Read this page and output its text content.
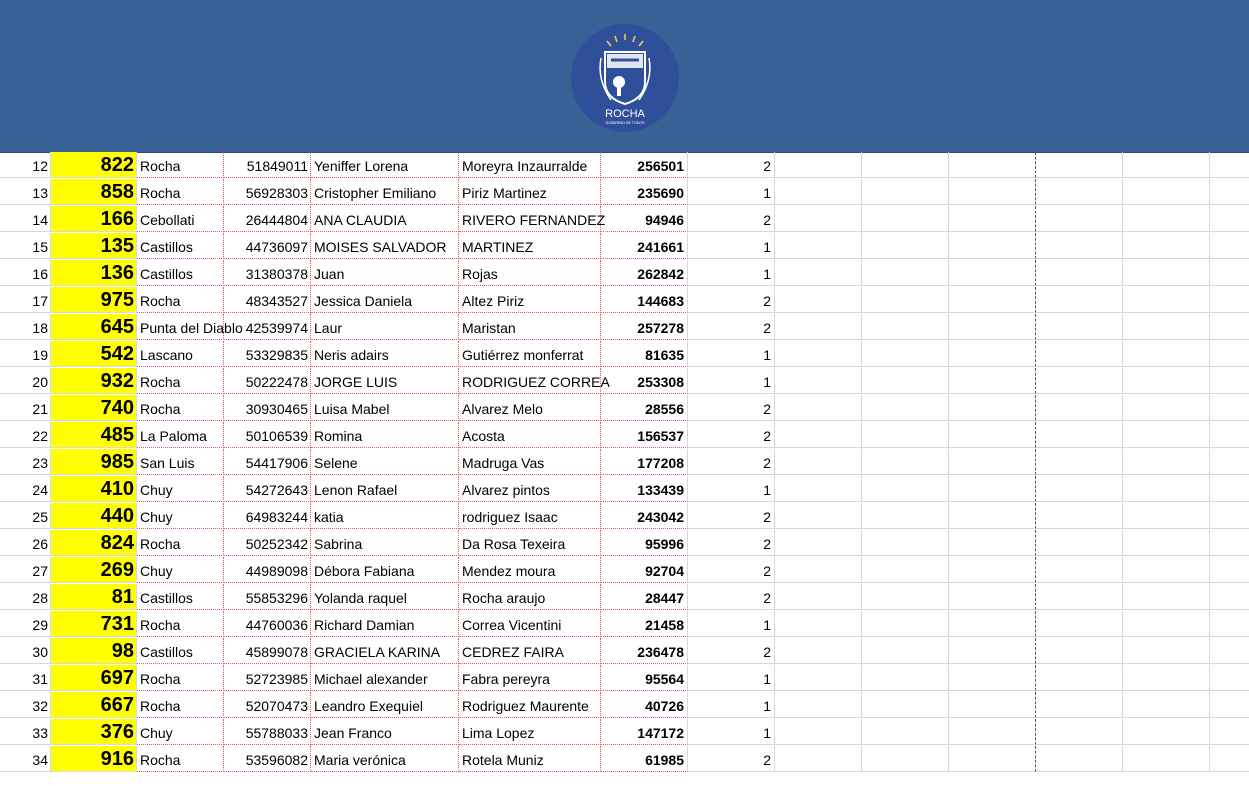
ROCHA
GOBIERNO DE TODOS
12	822 Rocha	51849011 Yeniffer Lorena	Moreyra Inzaurralde	256501	2
13	858 Rocha	56928303 Cristopher Emiliano	Piriz Martinez	235690	1
14	166 Cebollati	26444804 ANA CLAUDIA	RIVERO FERNANDEZ	94946	2
15	135 Castillos	44736097 MOISES SALVADOR	MARTINEZ	241661	1
16	136 Castillos	31380378 Juan	Rojas	262842	1
17	975 Rocha	48343527 Jessica Daniela	Altez Piriz	144683	2
18	645 Punta del Diablo 42539974 Laur	Maristan	257278	2
19	542 Lascano	53329835 Neris adairs	Gutiérrez monferrat	81635	1
20	932 Rocha	50222478 JORGE LUIS	RODRIGUEZ CORREA	253308	1
21	740 Rocha	30930465 Luisa Mabel	Alvarez Melo	28556	2
22	485 La Paloma	50106539 Romina	Acosta	156537	2
23	985 San Luis	54417906 Selene	Madruga Vas	177208	2
24	410 Chuy	54272643 Lenon Rafael	Alvarez pintos	133439	1
25	440 Chuy	64983244 katia	rodriguez Isaac	243042	2
26	824 Rocha	50252342 Sabrina	Da Rosa Texeira	95996	2
27	269 Chuy	44989098 Débora Fabiana	Mendez moura	92704	2
28	81 Castillos	55853296 Yolanda raquel	Rocha araujo	28447	2
29	731 Rocha	44760036 Richard Damian	Correa Vicentini	21458	1
30	98 Castillos	45899078 GRACIELA KARINA	CEDREZ FAIRA	236478	2
31	697 Rocha	52723985 Michael alexander	Fabra pereyra	95564	1
32	667 Rocha	52070473 Leandro Exequiel	Rodriguez Maurente	40726	1
33	376 Chuy	55788033 Jean Franco	Lima Lopez	147172	1
34	916 Rocha	53596082 Maria verónica	Rotela Muniz	61985	2
